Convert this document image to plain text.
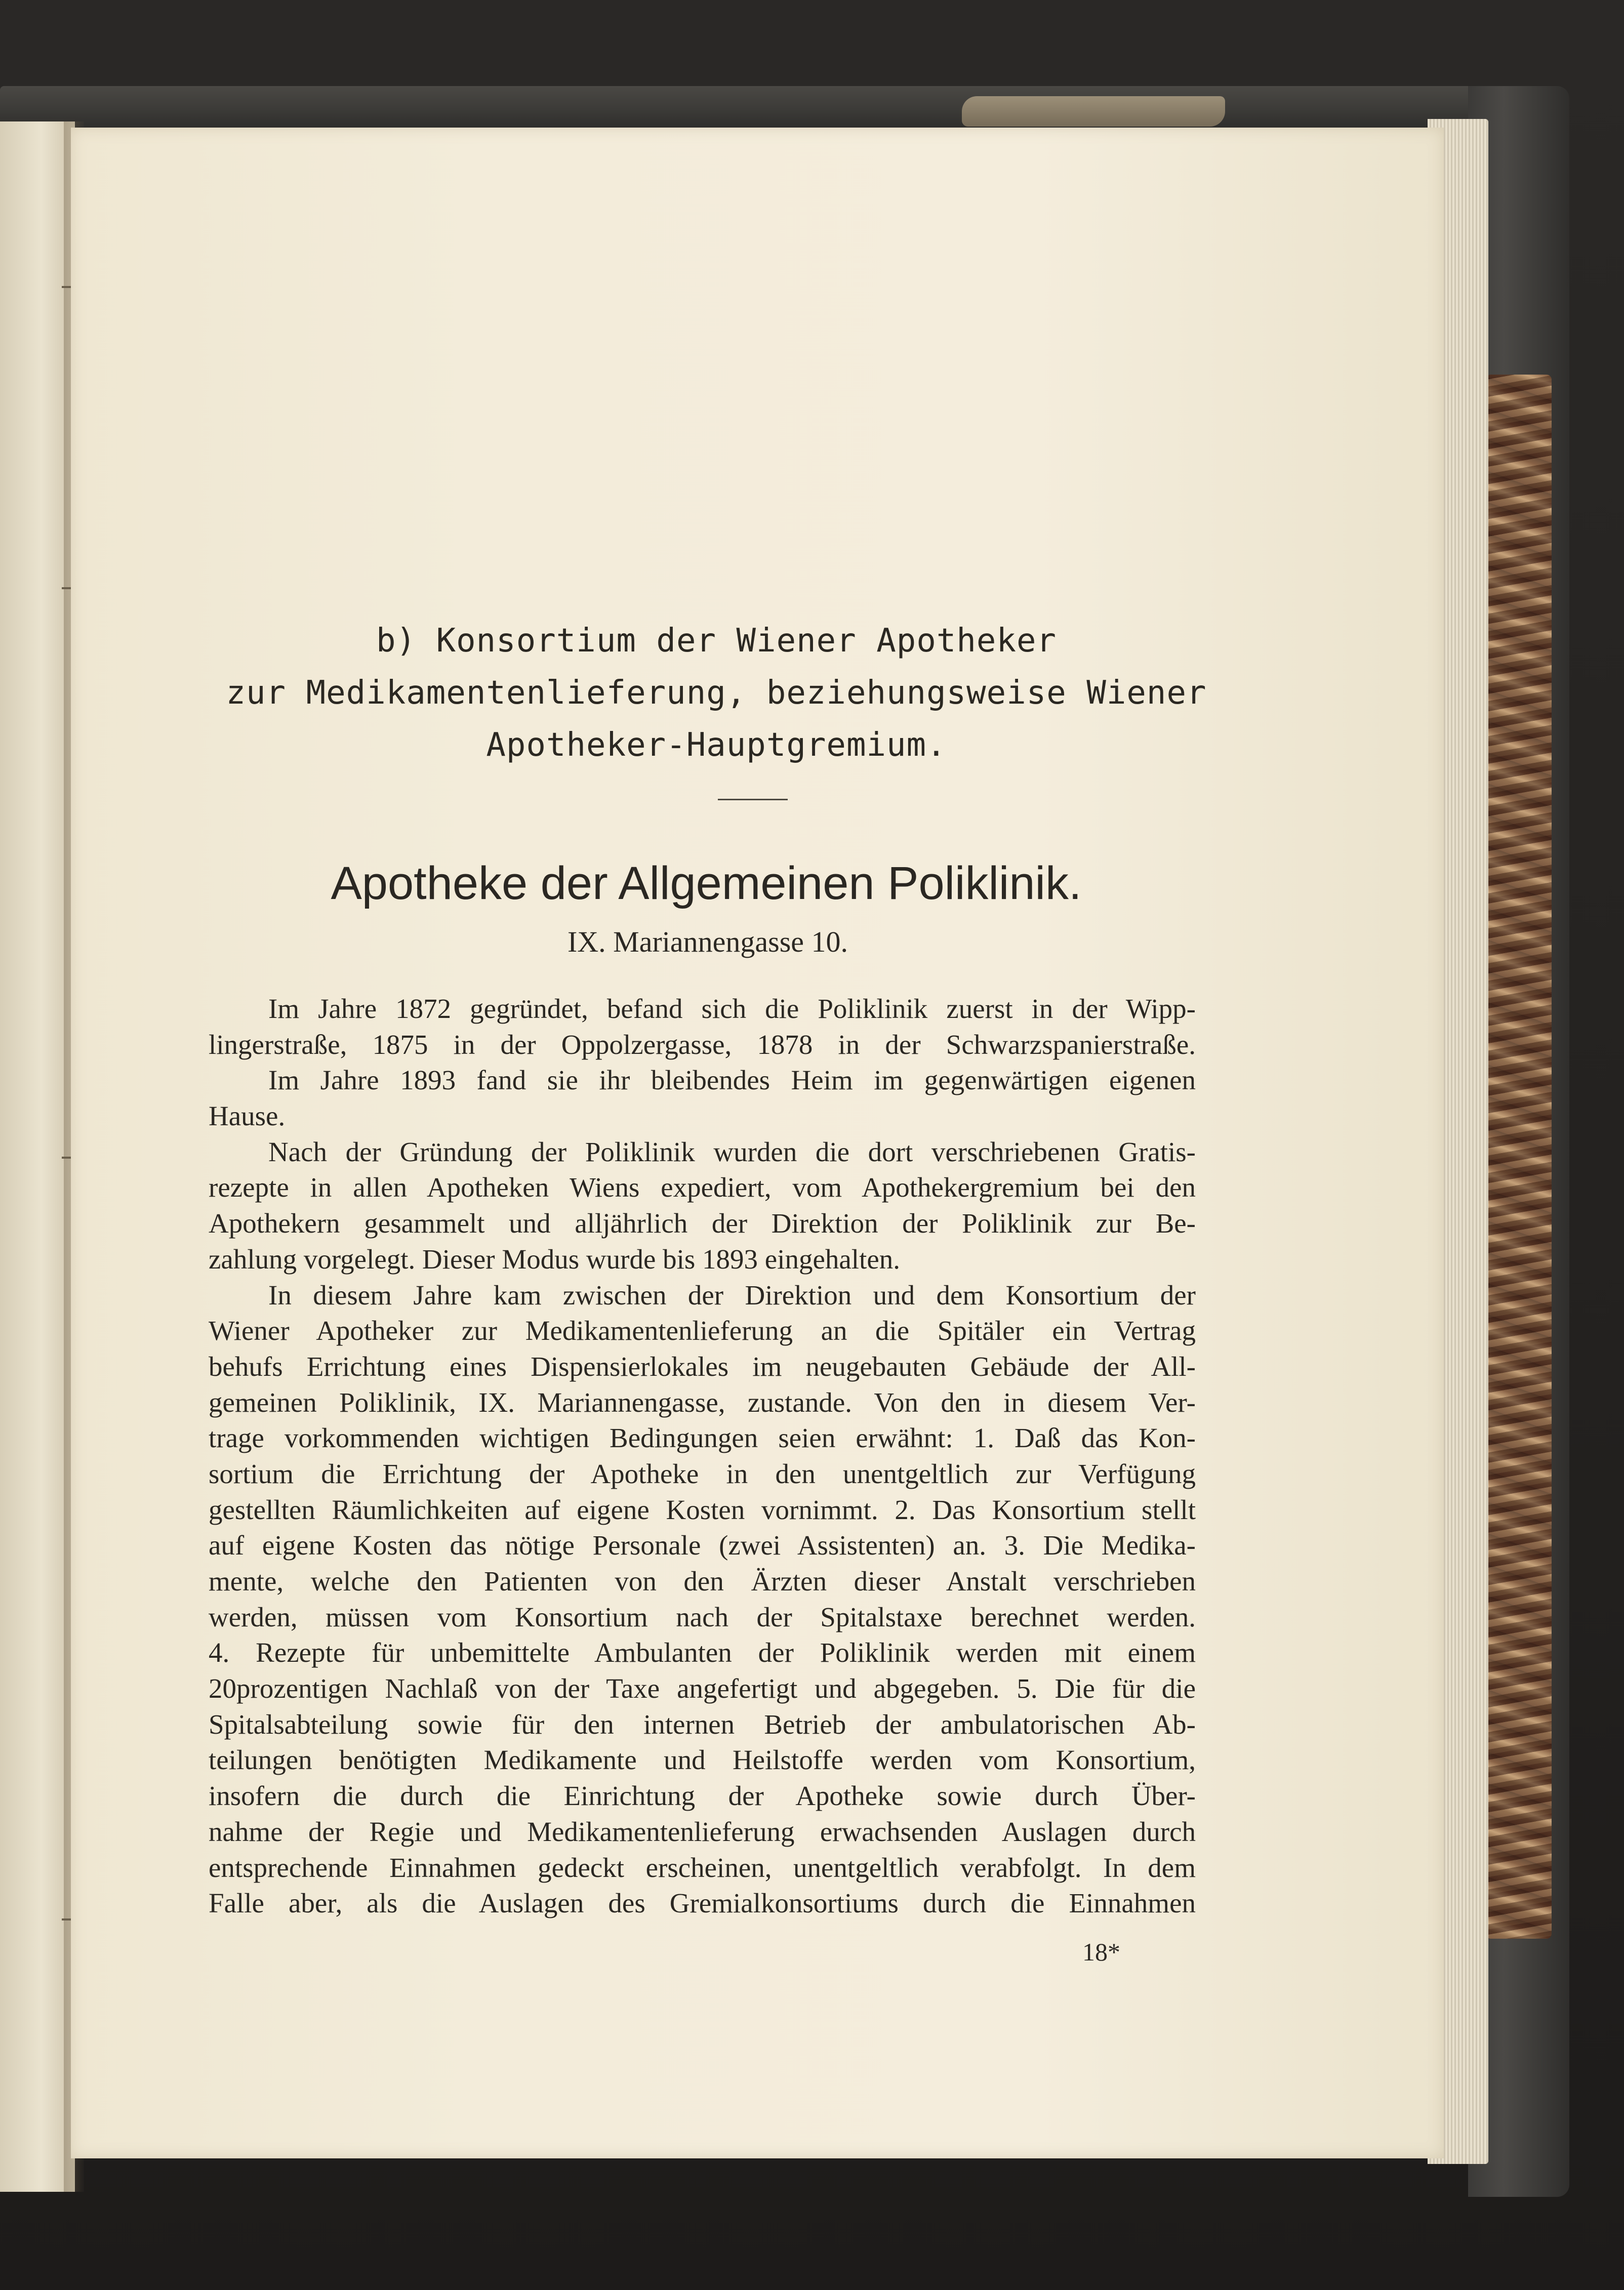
b) Konsortium der Wiener Apotheker
zur Medikamentenlieferung, beziehungsweise Wiener
Apotheker-Hauptgremium.
Apotheke der Allgemeinen Poliklinik.
IX. Mariannengasse 10.
Im Jahre 1872 gegründet, befand sich die Poliklinik zuerst in der Wipp-
lingerstraße, 1875 in der Oppolzergasse, 1878 in der Schwarzspanierstraße.
Im Jahre 1893 fand sie ihr bleibendes Heim im gegenwärtigen eigenen
Hause.
Nach der Gründung der Poliklinik wurden die dort verschriebenen Gratis-
rezepte in allen Apotheken Wiens expediert, vom Apothekergremium bei den
Apothekern gesammelt und alljährlich der Direktion der Poliklinik zur Be-
zahlung vorgelegt. Dieser Modus wurde bis 1893 eingehalten.
In diesem Jahre kam zwischen der Direktion und dem Konsortium der
Wiener Apotheker zur Medikamentenlieferung an die Spitäler ein Vertrag
behufs Errichtung eines Dispensierlokales im neugebauten Gebäude der All-
gemeinen Poliklinik, IX. Mariannengasse, zustande. Von den in diesem Ver-
trage vorkommenden wichtigen Bedingungen seien erwähnt: 1. Daß das Kon-
sortium die Errichtung der Apotheke in den unentgeltlich zur Verfügung
gestellten Räumlichkeiten auf eigene Kosten vornimmt. 2. Das Konsortium stellt
auf eigene Kosten das nötige Personale (zwei Assistenten) an. 3. Die Medika-
mente, welche den Patienten von den Ärzten dieser Anstalt verschrieben
werden, müssen vom Konsortium nach der Spitalstaxe berechnet werden.
4. Rezepte für unbemittelte Ambulanten der Poliklinik werden mit einem
20prozentigen Nachlaß von der Taxe angefertigt und abgegeben. 5. Die für die
Spitalsabteilung sowie für den internen Betrieb der ambulatorischen Ab-
teilungen benötigten Medikamente und Heilstoffe werden vom Konsortium,
insofern die durch die Einrichtung der Apotheke sowie durch Über-
nahme der Regie und Medikamentenlieferung erwachsenden Auslagen durch
entsprechende Einnahmen gedeckt erscheinen, unentgeltlich verabfolgt. In dem
Falle aber, als die Auslagen des Gremialkonsortiums durch die Einnahmen
18*
